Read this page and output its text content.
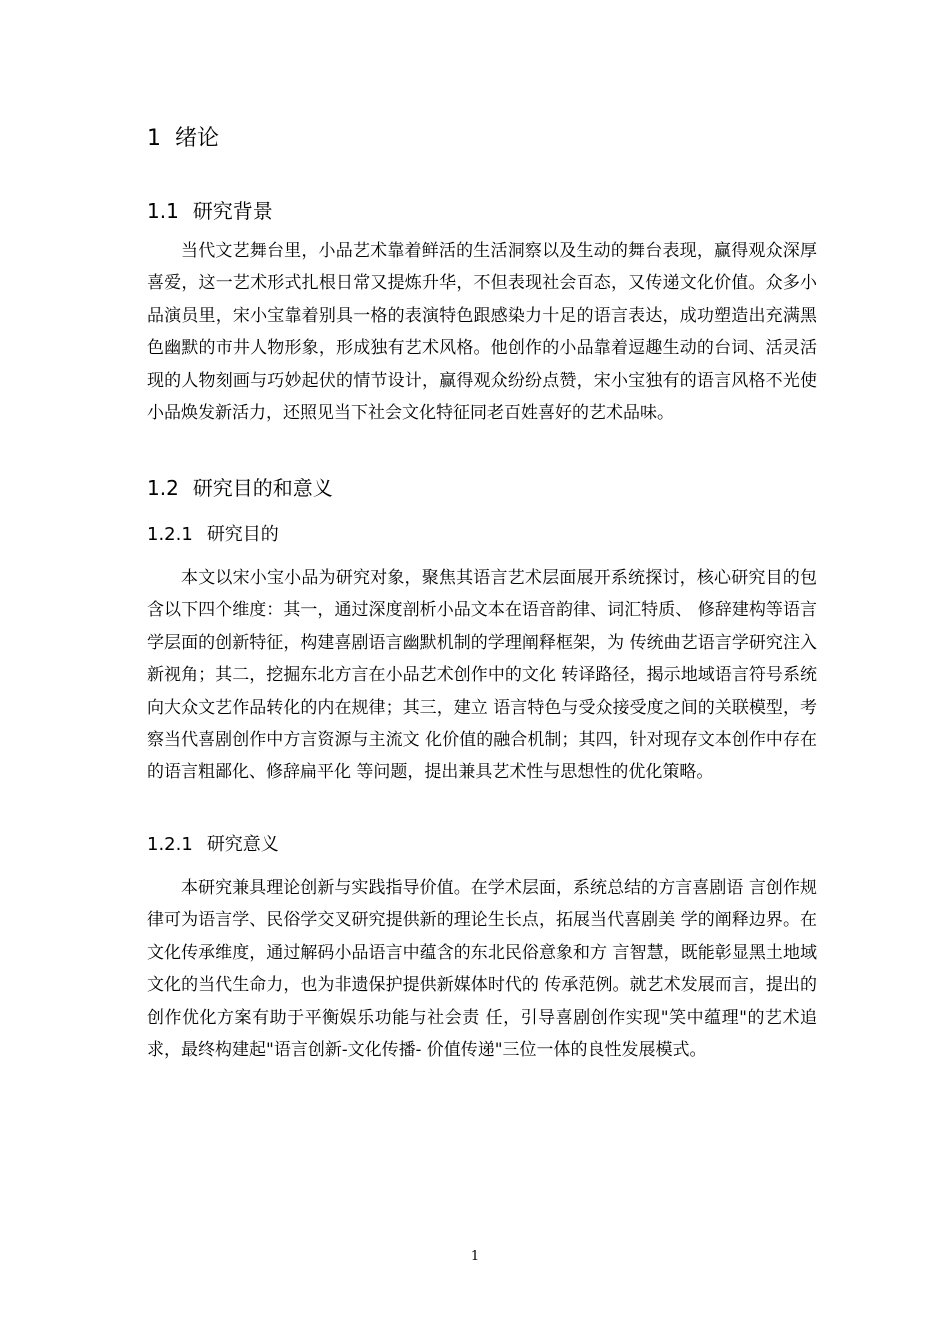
1 绪论
1.1 研究背景

当代文艺舞台里，小品艺术靠着鲜活的生活洞察以及生动的舞台表现，赢得观众深厚喜爱，这一艺术形式扎根日常又提炼升华，不但表现社会百态，又传递文化价值。众多小品演员里，宋小宝靠着别具一格的表演特色跟感染力十足的语言表达，成功塑造出充满黑色幽默的市井人物形象，形成独有艺术风格。他创作的小品靠着逗趣生动的台词、活灵活现的人物刻画与巧妙起伏的情节设计，赢得观众纷纷点赞，宋小宝独有的语言风格不光使小品焕发新活力，还照见当下社会文化特征同老百姓喜好的艺术品味。

1.2 研究目的和意义
1.2.1 研究目的

本文以宋小宝小品为研究对象，聚焦其语言艺术层面展开系统探讨，核心研究目的包含以下四个维度：其一，通过深度剖析小品文本在语音韵律、词汇特质、 修辞建构等语言学层面的创新特征，构建喜剧语言幽默机制的学理阐释框架，为 传统曲艺语言学研究注入新视角；其二，挖掘东北方言在小品艺术创作中的文化 转译路径，揭示地域语言符号系统向大众文艺作品转化的内在规律；其三，建立 语言特色与受众接受度之间的关联模型，考察当代喜剧创作中方言资源与主流文 化价值的融合机制；其四，针对现存文本创作中存在的语言粗鄙化、修辞扁平化 等问题，提出兼具艺术性与思想性的优化策略。

1.2.1 研究意义

本研究兼具理论创新与实践指导价值。在学术层面，系统总结的方言喜剧语 言创作规律可为语言学、民俗学交叉研究提供新的理论生长点，拓展当代喜剧美 学的阐释边界。在文化传承维度，通过解码小品语言中蕴含的东北民俗意象和方 言智慧，既能彰显黑土地域文化的当代生命力，也为非遗保护提供新媒体时代的 传承范例。就艺术发展而言，提出的创作优化方案有助于平衡娱乐功能与社会责 任，引导喜剧创作实现"笑中蕴理"的艺术追求，最终构建起"语言创新-文化传播- 价值传递"三位一体的良性发展模式。

1
